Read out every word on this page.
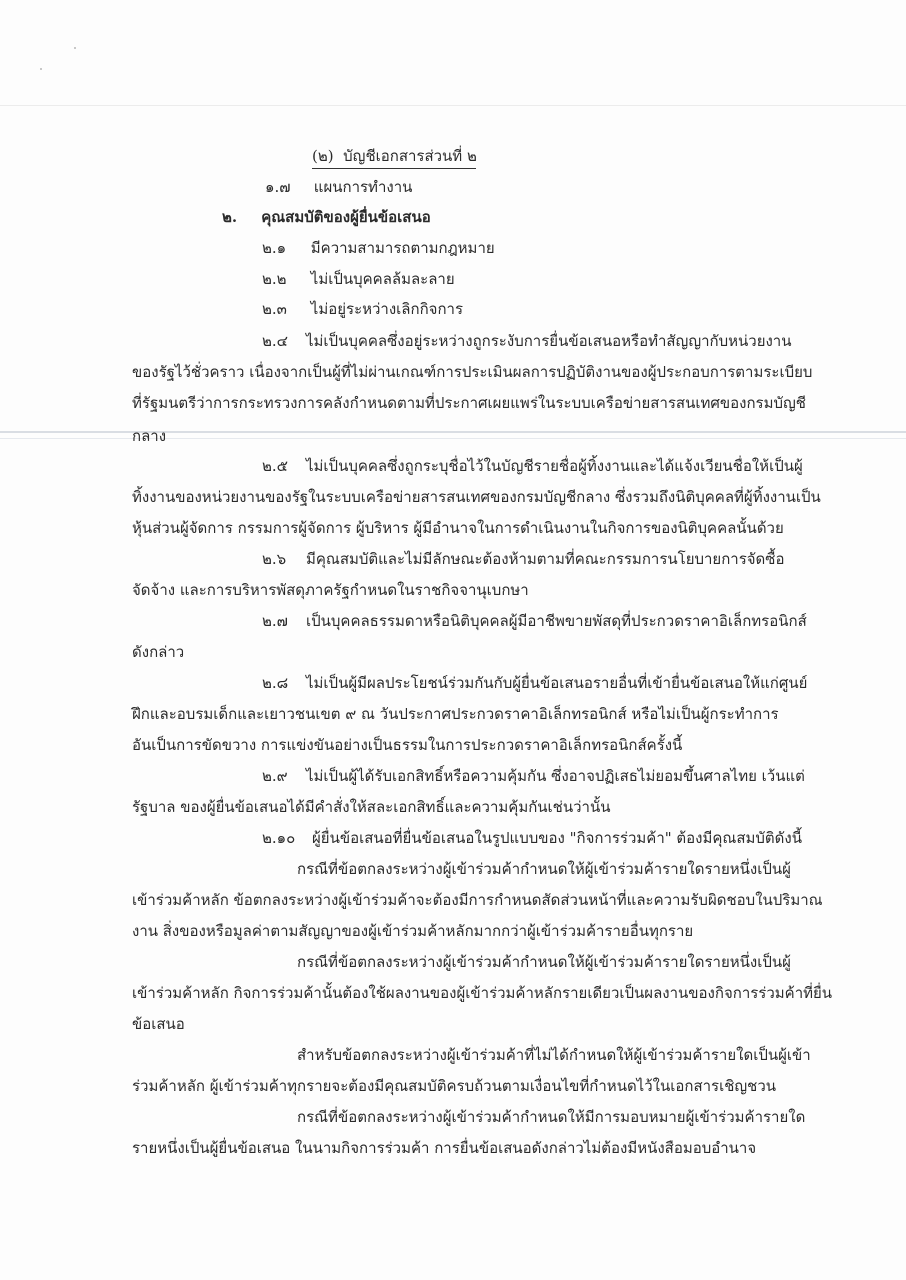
(๒) บัญชีเอกสารส่วนที่ ๒
๑.๗ แผนการทำงาน
๒. คุณสมบัติของผู้ยื่นข้อเสนอ
๒.๑ มีความสามารถตามกฎหมาย
๒.๒ ไม่เป็นบุคคลล้มละลาย
๒.๓ ไม่อยู่ระหว่างเลิกกิจการ
๒.๔ ไม่เป็นบุคคลซึ่งอยู่ระหว่างถูกระงับการยื่นข้อเสนอหรือทำสัญญากับหน่วยงาน
ของรัฐไว้ชั่วคราว เนื่องจากเป็นผู้ที่ไม่ผ่านเกณฑ์การประเมินผลการปฏิบัติงานของผู้ประกอบการตามระเบียบ
ที่รัฐมนตรีว่าการกระทรวงการคลังกำหนดตามที่ประกาศเผยแพร่ในระบบเครือข่ายสารสนเทศของกรมบัญชี
กลาง
๒.๕ ไม่เป็นบุคคลซึ่งถูกระบุชื่อไว้ในบัญชีรายชื่อผู้ทิ้งงานและได้แจ้งเวียนชื่อให้เป็นผู้
ทิ้งงานของหน่วยงานของรัฐในระบบเครือข่ายสารสนเทศของกรมบัญชีกลาง ซึ่งรวมถึงนิติบุคคลที่ผู้ทิ้งงานเป็น
หุ้นส่วนผู้จัดการ กรรมการผู้จัดการ ผู้บริหาร ผู้มีอำนาจในการดำเนินงานในกิจการของนิติบุคคลนั้นด้วย
๒.๖ มีคุณสมบัติและไม่มีลักษณะต้องห้ามตามที่คณะกรรมการนโยบายการจัดซื้อ
จัดจ้าง และการบริหารพัสดุภาครัฐกำหนดในราชกิจจานุเบกษา
๒.๗ เป็นบุคคลธรรมดาหรือนิติบุคคลผู้มีอาชีพขายพัสดุที่ประกวดราคาอิเล็กทรอนิกส์
ดังกล่าว
๒.๘ ไม่เป็นผู้มีผลประโยชน์ร่วมกันกับผู้ยื่นข้อเสนอรายอื่นที่เข้ายื่นข้อเสนอให้แก่ศูนย์
ฝึกและอบรมเด็กและเยาวชนเขต ๙ ณ วันประกาศประกวดราคาอิเล็กทรอนิกส์ หรือไม่เป็นผู้กระทำการ
อันเป็นการขัดขวาง การแข่งขันอย่างเป็นธรรมในการประกวดราคาอิเล็กทรอนิกส์ครั้งนี้
๒.๙ ไม่เป็นผู้ได้รับเอกสิทธิ์หรือความคุ้มกัน ซึ่งอาจปฏิเสธไม่ยอมขึ้นศาลไทย เว้นแต่
รัฐบาล ของผู้ยื่นข้อเสนอได้มีคำสั่งให้สละเอกสิทธิ์และความคุ้มกันเช่นว่านั้น
๒.๑๐ ผู้ยื่นข้อเสนอที่ยื่นข้อเสนอในรูปแบบของ "กิจการร่วมค้า" ต้องมีคุณสมบัติดังนี้
กรณีที่ข้อตกลงระหว่างผู้เข้าร่วมค้ากำหนดให้ผู้เข้าร่วมค้ารายใดรายหนึ่งเป็นผู้
เข้าร่วมค้าหลัก ข้อตกลงระหว่างผู้เข้าร่วมค้าจะต้องมีการกำหนดสัดส่วนหน้าที่และความรับผิดชอบในปริมาณ
งาน สิ่งของหรือมูลค่าตามสัญญาของผู้เข้าร่วมค้าหลักมากกว่าผู้เข้าร่วมค้ารายอื่นทุกราย
กรณีที่ข้อตกลงระหว่างผู้เข้าร่วมค้ากำหนดให้ผู้เข้าร่วมค้ารายใดรายหนึ่งเป็นผู้
เข้าร่วมค้าหลัก กิจการร่วมค้านั้นต้องใช้ผลงานของผู้เข้าร่วมค้าหลักรายเดียวเป็นผลงานของกิจการร่วมค้าที่ยื่น
ข้อเสนอ
สำหรับข้อตกลงระหว่างผู้เข้าร่วมค้าที่ไม่ได้กำหนดให้ผู้เข้าร่วมค้ารายใดเป็นผู้เข้า
ร่วมค้าหลัก ผู้เข้าร่วมค้าทุกรายจะต้องมีคุณสมบัติครบถ้วนตามเงื่อนไขที่กำหนดไว้ในเอกสารเชิญชวน
กรณีที่ข้อตกลงระหว่างผู้เข้าร่วมค้ากำหนดให้มีการมอบหมายผู้เข้าร่วมค้ารายใด
รายหนึ่งเป็นผู้ยื่นข้อเสนอ ในนามกิจการร่วมค้า การยื่นข้อเสนอดังกล่าวไม่ต้องมีหนังสือมอบอำนาจ
